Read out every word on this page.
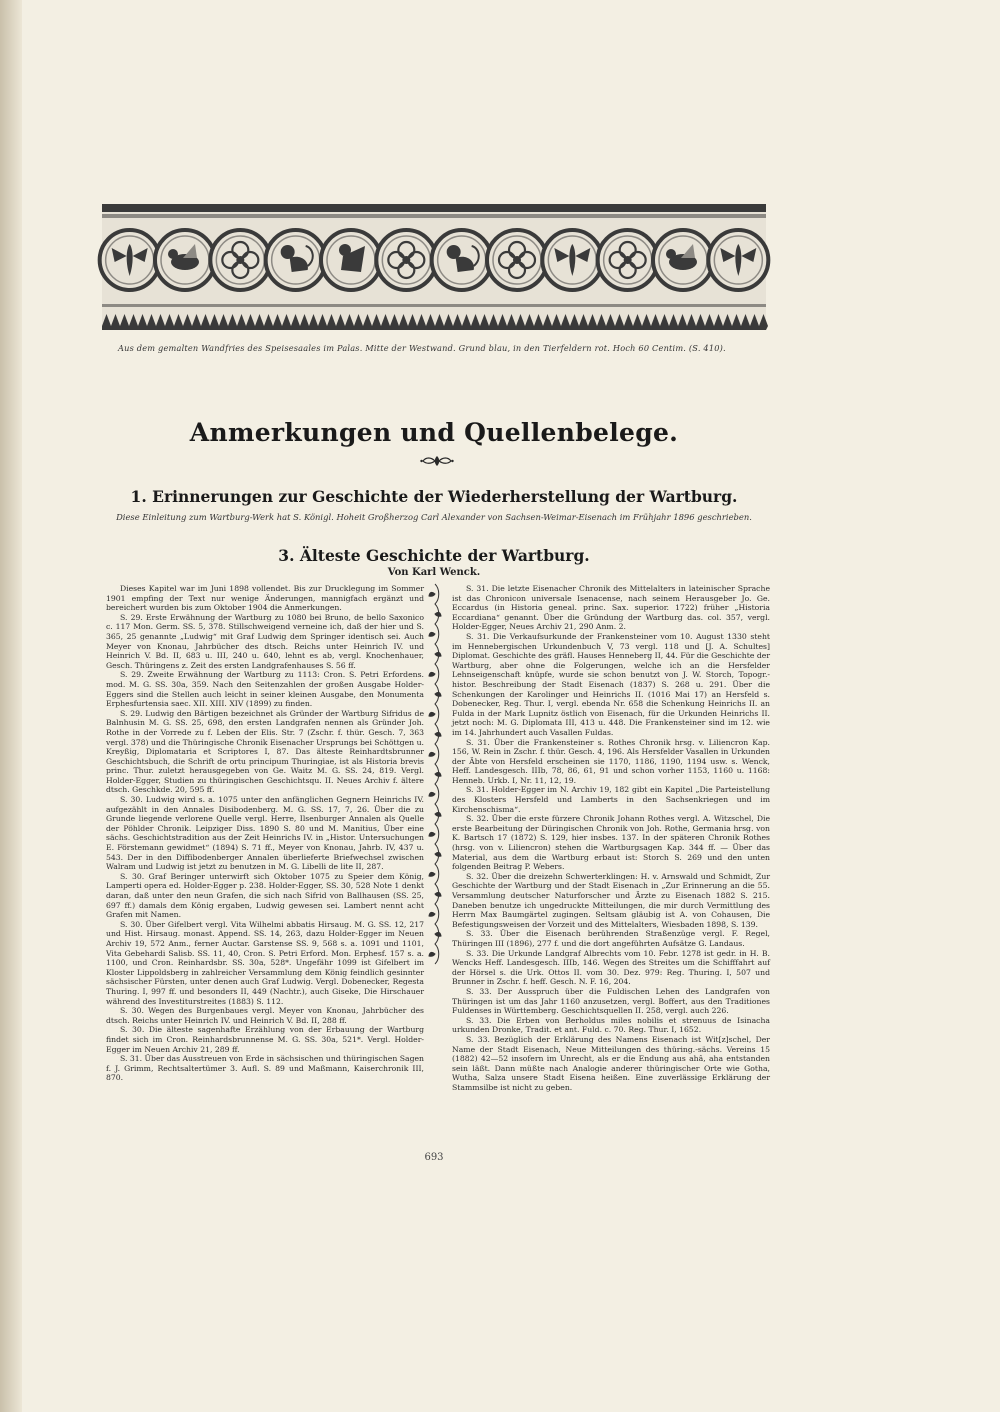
Aus dem gemalten Wandfries des Speisesaales im Palas. Mitte der Westwand. Grund blau, in den Tierfeldern rot. Hoch 60 Centim. (S. 410).
Anmerkungen und Quellenbelege.
1. Erinnerungen zur Geschichte der Wiederherstellung der Wartburg.
Diese Einleitung zum Wartburg-Werk hat S. Königl. Hoheit Großherzog Carl Alexander von Sachsen-Weimar-Eisenach im Frühjahr 1896 geschrieben.
3. Älteste Geschichte der Wartburg.
Von Karl Wenck.

Dieses Kapitel war im Juni 1898 vollendet. Bis zur Drucklegung im Sommer 1901 empfing der Text nur wenige Änderungen, mannigfach ergänzt und bereichert wurden bis zum Oktober 1904 die Anmerkungen.

S. 29. Erste Erwähnung der Wartburg zu 1080 bei Bruno, de bello Saxonico c. 117 Mon. Germ. SS. 5, 378. Stillschweigend verneine ich, daß der hier und S. 365, 25 genannte „Ludwig“ mit Graf Ludwig dem Springer identisch sei. Auch Meyer von Knonau, Jahrbücher des dtsch. Reichs unter Heinrich IV. und Heinrich V. Bd. II, 683 u. III, 240 u. 640, lehnt es ab, vergl. Knochenhauer, Gesch. Thüringens z. Zeit des ersten Landgrafenhauses S. 56 ff.

S. 29. Zweite Erwähnung der Wartburg zu 1113: Cron. S. Petri Erfordens. mod. M. G. SS. 30a, 359. Nach den Seitenzahlen der großen Ausgabe Holder-Eggers sind die Stellen auch leicht in seiner kleinen Ausgabe, den Monumenta Erphesfurtensia saec. XII. XIII. XIV (1899) zu finden.

S. 29. Ludwig den Bärtigen bezeichnet als Gründer der Wartburg Sifridus de Balnhusin M. G. SS. 25, 698, den ersten Landgrafen nennen als Gründer Joh. Rothe in der Vorrede zu f. Leben der Elis. Str. 7 (Zschr. f. thür. Gesch. 7, 363 vergl. 378) und die Thüringische Chronik Eisenacher Ursprungs bei Schöttgen u. Kreyßig, Diplomataria et Scriptores I, 87. Das älteste Reinhardtsbrunner Geschichtsbuch, die Schrift de ortu principum Thuringiae, ist als Historia brevis princ. Thur. zuletzt herausgegeben von Ge. Waitz M. G. SS. 24, 819. Vergl. Holder-Egger, Studien zu thüringischen Geschichtsqu. II. Neues Archiv f. ältere dtsch. Geschkde. 20, 595 ff.

S. 30. Ludwig wird s. a. 1075 unter den anfänglichen Gegnern Heinrichs IV. aufgezählt in den Annales Disibodenberg. M. G. SS. 17, 7, 26. Über die zu Grunde liegende verlorene Quelle vergl. Herre, Ilsenburger Annalen als Quelle der Pöhlder Chronik. Leipziger Diss. 1890 S. 80 und M. Manitius, Über eine sächs. Geschichtstradition aus der Zeit Heinrichs IV. in „Histor. Untersuchungen E. Förstemann gewidmet“ (1894) S. 71 ff., Meyer von Knonau, Jahrb. IV, 437 u. 543. Der in den Diffibodenberger Annalen überlieferte Briefwechsel zwischen Walram und Ludwig ist jetzt zu benutzen in M. G. Libelli de lite II, 287.

S. 30. Graf Beringer unterwirft sich Oktober 1075 zu Speier dem König, Lamperti opera ed. Holder-Egger p. 238. Holder-Egger, SS. 30, 528 Note 1 denkt daran, daß unter den neun Grafen, die sich nach Sifrid von Ballhausen (SS. 25, 697 ff.) damals dem König ergaben, Ludwig gewesen sei. Lambert nennt acht Grafen mit Namen.

S. 30. Über Gifelbert vergl. Vita Wilhelmi abbatis Hirsaug. M. G. SS. 12, 217 und Hist. Hirsaug. monast. Append. SS. 14, 263, dazu Holder-Egger im Neuen Archiv 19, 572 Anm., ferner Auctar. Garstense SS. 9, 568 s. a. 1091 und 1101, Vita Gebehardi Salisb. SS. 11, 40, Cron. S. Petri Erford. Mon. Erphesf. 157 s. a. 1100, und Cron. Reinhardsbr. SS. 30a, 528*. Ungefähr 1099 ist Gifelbert im Kloster Lippoldsberg in zahlreicher Versammlung dem König feindlich gesinnter sächsischer Fürsten, unter denen auch Graf Ludwig. Vergl. Dobenecker, Regesta Thuring. I, 997 ff. und besonders II, 449 (Nachtr.), auch Giseke, Die Hirschauer während des Investiturstreites (1883) S. 112.

S. 30. Wegen des Burgenbaues vergl. Meyer von Knonau, Jahrbücher des dtsch. Reichs unter Heinrich IV. und Heinrich V. Bd. II, 288 ff.

S. 30. Die älteste sagenhafte Erzählung von der Erbauung der Wartburg findet sich im Cron. Reinhardsbrunnense M. G. SS. 30a, 521*. Vergl. Holder-Egger im Neuen Archiv 21, 289 ff.

S. 31. Über das Ausstreuen von Erde in sächsischen und thüringischen Sagen f. J. Grimm, Rechtsaltertümer 3. Aufl. S. 89 und Maßmann, Kaiserchronik III, 870.

S. 31. Die letzte Eisenacher Chronik des Mittelalters in lateinischer Sprache ist das Chronicon universale Isenacense, nach seinem Herausgeber Jo. Ge. Eccardus (in Historia geneal. princ. Sax. superior. 1722) früher „Historia Eccardiana“ genannt. Über die Gründung der Wartburg das. col. 357, vergl. Holder-Egger, Neues Archiv 21, 290 Anm. 2.

S. 31. Die Verkaufsurkunde der Frankensteiner vom 10. August 1330 steht im Hennebergischen Urkundenbuch V, 73 vergl. 118 und [J. A. Schultes] Diplomat. Geschichte des gräfl. Hauses Henneberg II, 44. Für die Geschichte der Wartburg, aber ohne die Folgerungen, welche ich an die Hersfelder Lehnseigenschaft knüpfe, wurde sie schon benutzt von J. W. Storch, Topogr.-histor. Beschreibung der Stadt Eisenach (1837) S. 268 u. 291. Über die Schenkungen der Karolinger und Heinrichs II. (1016 Mai 17) an Hersfeld s. Dobenecker, Reg. Thur. I, vergl. ebenda Nr. 658 die Schenkung Heinrichs II. an Fulda in der Mark Lupnitz östlich von Eisenach, für die Urkunden Heinrichs II. jetzt noch: M. G. Diplomata III, 413 u. 448. Die Frankensteiner sind im 12. wie im 14. Jahrhundert auch Vasallen Fuldas.

S. 31. Über die Frankensteiner s. Rothes Chronik hrsg. v. Liliencron Kap. 156, W. Rein in Zschr. f. thür. Gesch. 4, 196. Als Hersfelder Vasallen in Urkunden der Äbte von Hersfeld erscheinen sie 1170, 1186, 1190, 1194 usw. s. Wenck, Heff. Landesgesch. IIIb, 78, 86, 61, 91 und schon vorher 1153, 1160 u. 1168: Henneb. Urkb. I, Nr. 11, 12, 19.

S. 31. Holder-Egger im N. Archiv 19, 182 gibt ein Kapitel „Die Parteistellung des Klosters Hersfeld und Lamberts in den Sachsenkriegen und im Kirchenschisma“.

S. 32. Über die erste fürzere Chronik Johann Rothes vergl. A. Witzschel, Die erste Bearbeitung der Düringischen Chronik von Joh. Rothe, Germania hrsg. von K. Bartsch 17 (1872) S. 129, hier insbes. 137. In der späteren Chronik Rothes (hrsg. von v. Liliencron) stehen die Wartburgsagen Kap. 344 ff. — Über das Material, aus dem die Wartburg erbaut ist: Storch S. 269 und den unten folgenden Beitrag P. Webers.

S. 32. Über die dreizehn Schwerterklingen: H. v. Arnswald und Schmidt, Zur Geschichte der Wartburg und der Stadt Eisenach in „Zur Erinnerung an die 55. Versammlung deutscher Naturforscher und Ärzte zu Eisenach 1882 S. 215. Daneben benutze ich ungedruckte Mitteilungen, die mir durch Vermittlung des Herrn Max Baumgärtel zugingen. Seltsam gläubig ist A. von Cohausen, Die Befestigungsweisen der Vorzeit und des Mittelalters, Wiesbaden 1898, S. 139.

S. 33. Über die Eisenach berührenden Straßenzüge vergl. F. Regel, Thüringen III (1896), 277 f. und die dort angeführten Aufsätze G. Landaus.

S. 33. Die Urkunde Landgraf Albrechts vom 10. Febr. 1278 ist gedr. in H. B. Wencks Heff. Landesgesch. IIIb, 146. Wegen des Streites um die Schifffahrt auf der Hörsel s. die Urk. Ottos II. vom 30. Dez. 979: Reg. Thuring. I, 507 und Brunner in Zschr. f. heff. Gesch. N. F. 16, 204.

S. 33. Der Ausspruch über die Fuldischen Lehen des Landgrafen von Thüringen ist um das Jahr 1160 anzusetzen, vergl. Boffert, aus den Traditiones Fuldenses in Württemberg. Geschichtsquellen II. 258, vergl. auch 226.

S. 33. Die Erben von Berholdus miles nobilis et strenuus de Isinacha urkunden Dronke, Tradit. et ant. Fuld. c. 70. Reg. Thur. I, 1652.

S. 33. Bezüglich der Erklärung des Namens Eisenach ist Wit[z]schel, Der Name der Stadt Eisenach, Neue Mitteilungen des thüring.-sächs. Vereins 15 (1882) 42—52 insofern im Unrecht, als er die Endung aus ahâ, aha entstanden sein läßt. Dann müßte nach Analogie anderer thüringischer Orte wie Gotha, Wutha, Salza unsere Stadt Eisena heißen. Eine zuverlässige Erklärung der Stammsilbe ist nicht zu geben.

693
